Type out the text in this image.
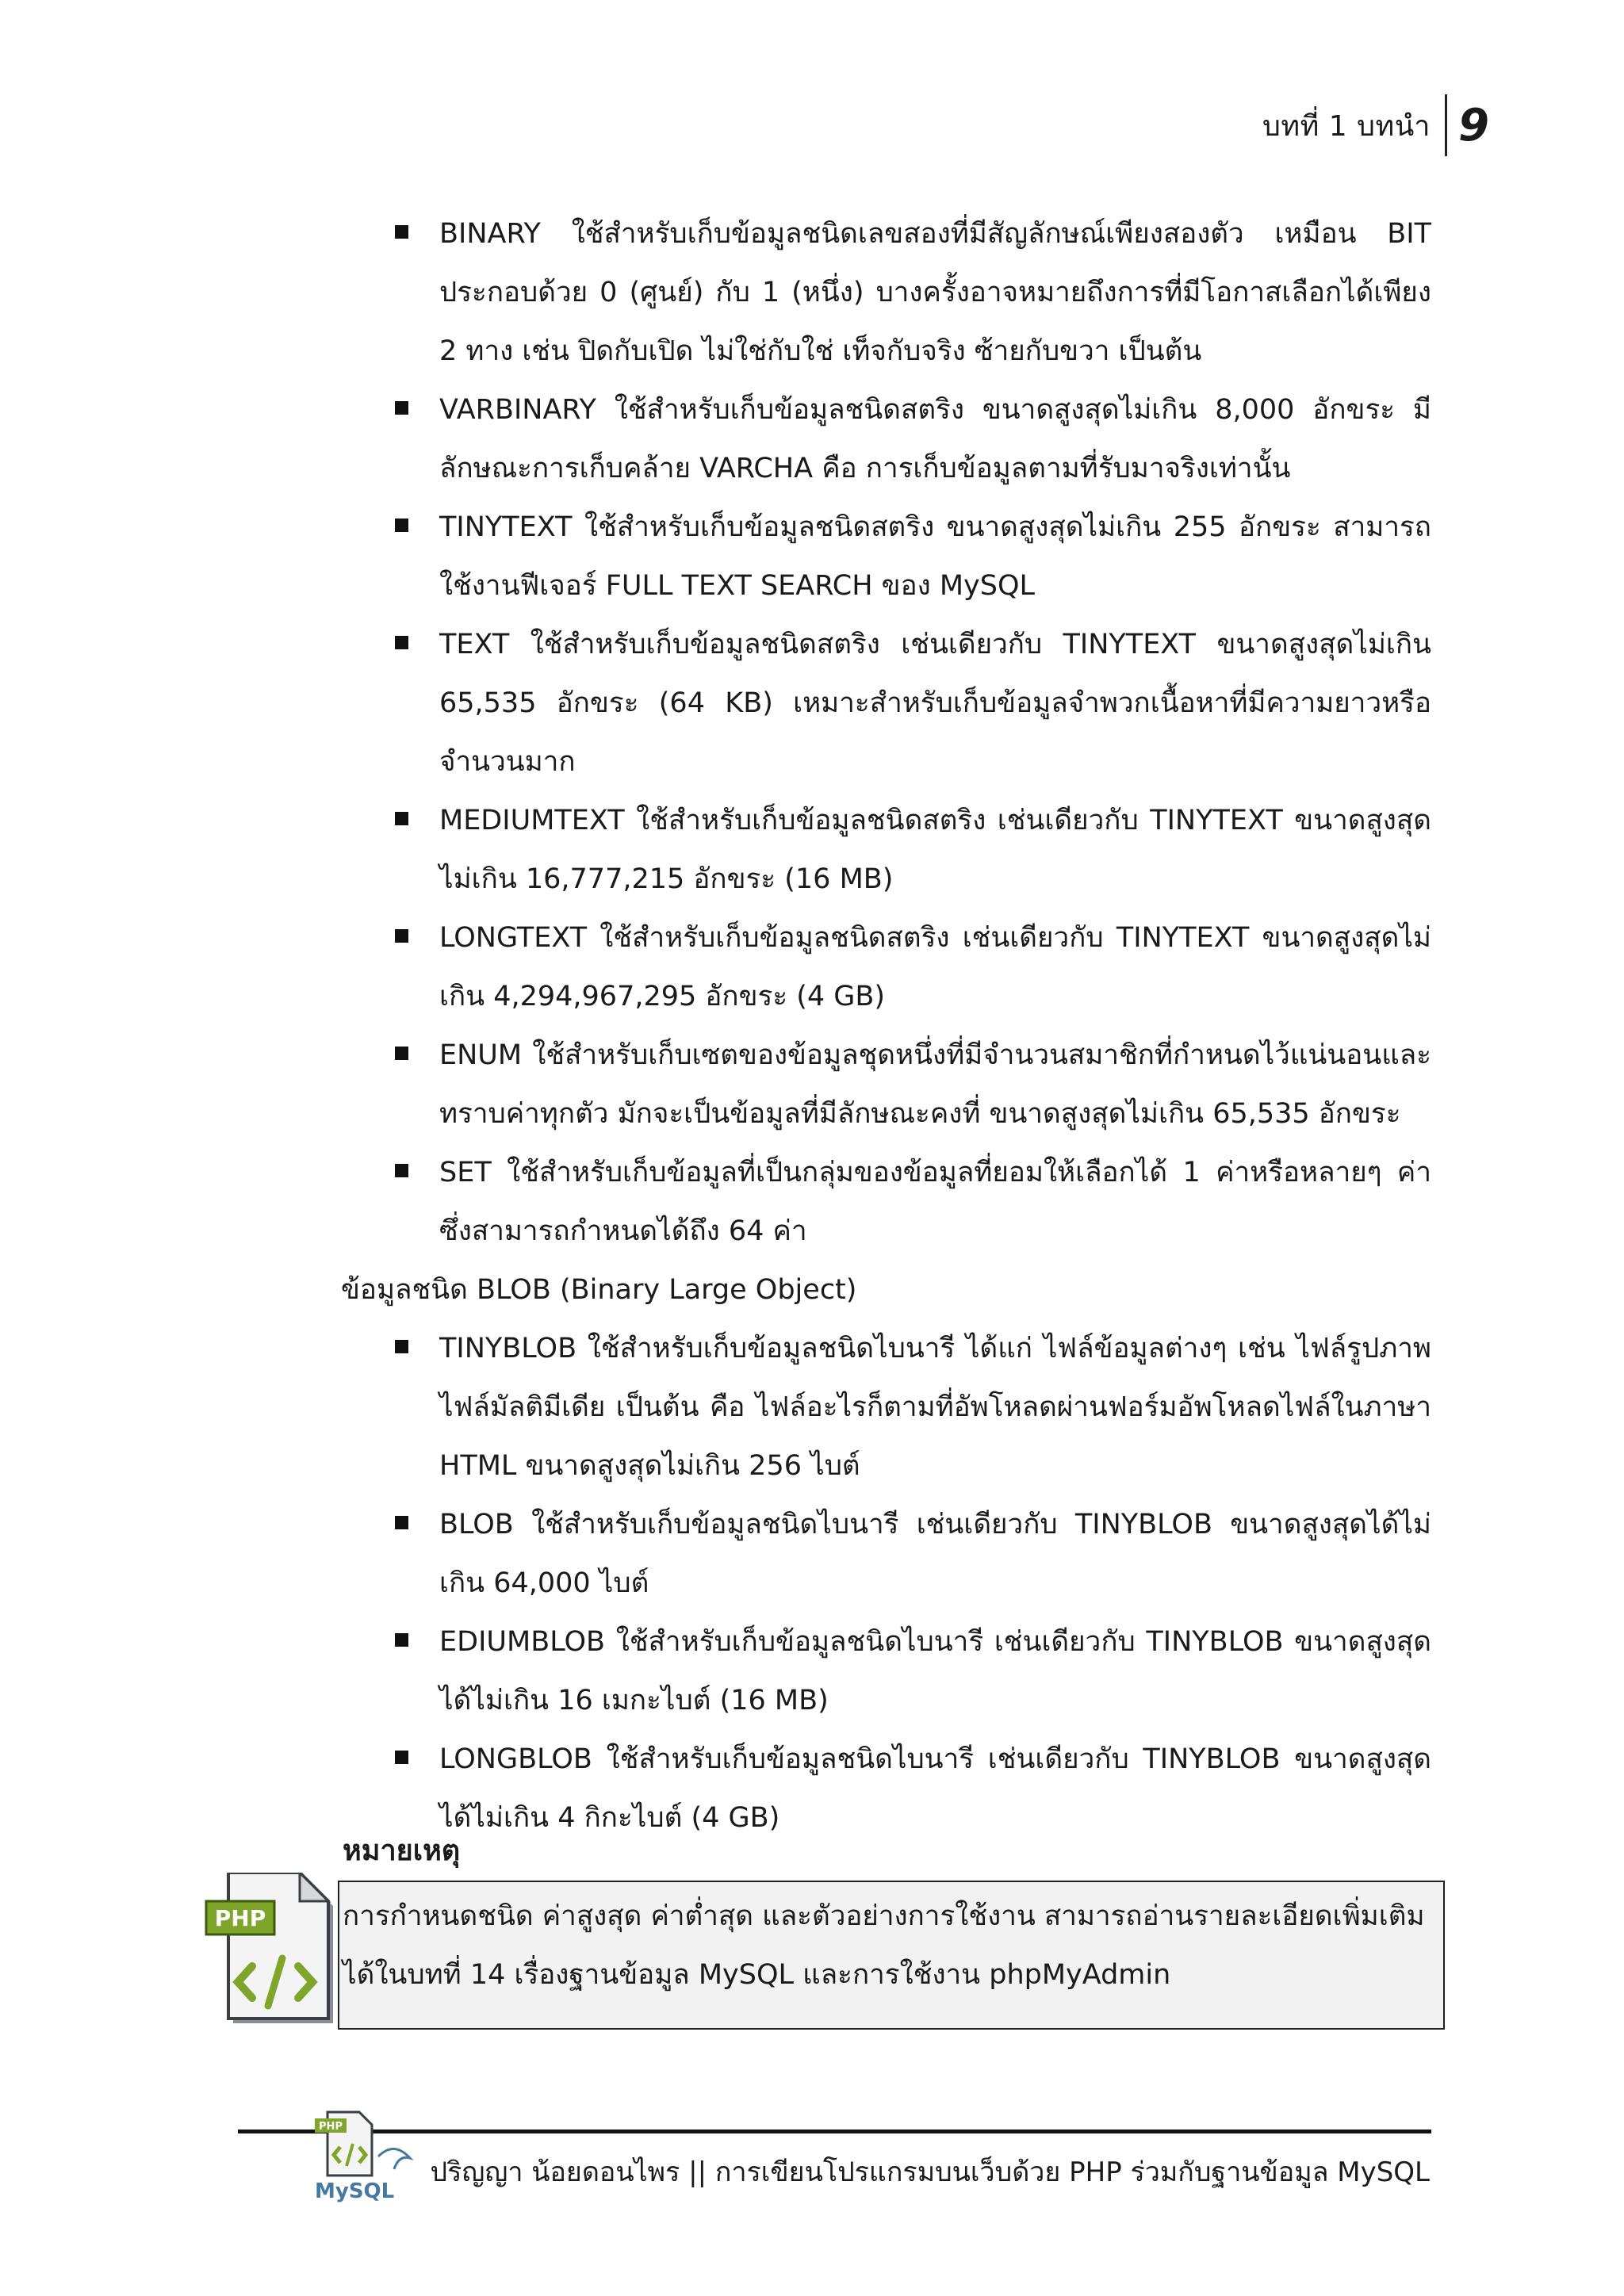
บทที่ 1 บทนำ 9

BINARY ใช้สำหรับเก็บข้อมูลชนิดเลขสองที่มีสัญลักษณ์เพียงสองตัว เหมือน BIT ประกอบด้วย 0 (ศูนย์) กับ 1 (หนึ่ง) บางครั้งอาจหมายถึงการที่มีโอกาสเลือกได้เพียง 2 ทาง เช่น ปิดกับเปิด ไม่ใช่กับใช่ เท็จกับจริง ซ้ายกับขวา เป็นต้น

VARBINARY ใช้สำหรับเก็บข้อมูลชนิดสตริง ขนาดสูงสุดไม่เกิน 8,000 อักขระ มีลักษณะการเก็บคล้าย VARCHA คือ การเก็บข้อมูลตามที่รับมาจริงเท่านั้น

TINYTEXT ใช้สำหรับเก็บข้อมูลชนิดสตริง ขนาดสูงสุดไม่เกิน 255 อักขระ สามารถใช้งานฟีเจอร์ FULL TEXT SEARCH ของ MySQL

TEXT ใช้สำหรับเก็บข้อมูลชนิดสตริง เช่นเดียวกับ TINYTEXT ขนาดสูงสุดไม่เกิน 65,535 อักขระ (64 KB) เหมาะสำหรับเก็บข้อมูลจำพวกเนื้อหาที่มีความยาวหรือจำนวนมาก

MEDIUMTEXT ใช้สำหรับเก็บข้อมูลชนิดสตริง เช่นเดียวกับ TINYTEXT ขนาดสูงสุดไม่เกิน 16,777,215 อักขระ (16 MB)

LONGTEXT ใช้สำหรับเก็บข้อมูลชนิดสตริง เช่นเดียวกับ TINYTEXT ขนาดสูงสุดไม่เกิน 4,294,967,295 อักขระ (4 GB)

ENUM ใช้สำหรับเก็บเซตของข้อมูลชุดหนึ่งที่มีจำนวนสมาชิกที่กำหนดไว้แน่นอนและทราบค่าทุกตัว มักจะเป็นข้อมูลที่มีลักษณะคงที่ ขนาดสูงสุดไม่เกิน 65,535 อักขระ

SET ใช้สำหรับเก็บข้อมูลที่เป็นกลุ่มของข้อมูลที่ยอมให้เลือกได้ 1 ค่าหรือหลายๆ ค่า ซึ่งสามารถกำหนดได้ถึง 64 ค่า

ข้อมูลชนิด BLOB (Binary Large Object)

TINYBLOB ใช้สำหรับเก็บข้อมูลชนิดไบนารี ได้แก่ ไฟล์ข้อมูลต่างๆ เช่น ไฟล์รูปภาพ ไฟล์มัลติมีเดีย เป็นต้น คือ ไฟล์อะไรก็ตามที่อัพโหลดผ่านฟอร์มอัพโหลดไฟล์ในภาษา HTML ขนาดสูงสุดไม่เกิน 256 ไบต์

BLOB ใช้สำหรับเก็บข้อมูลชนิดไบนารี เช่นเดียวกับ TINYBLOB ขนาดสูงสุดได้ไม่เกิน 64,000 ไบต์

EDIUMBLOB ใช้สำหรับเก็บข้อมูลชนิดไบนารี เช่นเดียวกับ TINYBLOB ขนาดสูงสุดได้ไม่เกิน 16 เมกะไบต์ (16 MB)

LONGBLOB ใช้สำหรับเก็บข้อมูลชนิดไบนารี เช่นเดียวกับ TINYBLOB ขนาดสูงสุดได้ไม่เกิน 4 กิกะไบต์ (4 GB)

หมายเหตุ
PHP	การกำหนดชนิด ค่าสูงสุด ค่าต่ำสุด และตัวอย่างการใช้งาน สามารถอ่านรายละเอียดเพิ่มเติมได้ในบทที่ 14 เรื่องฐานข้อมูล MySQL และการใช้งาน phpMyAdmin

PHP
MySQL
ปริญญา น้อยดอนไพร || การเขียนโปรแกรมบนเว็บด้วย PHP ร่วมกับฐานข้อมูล MySQL
